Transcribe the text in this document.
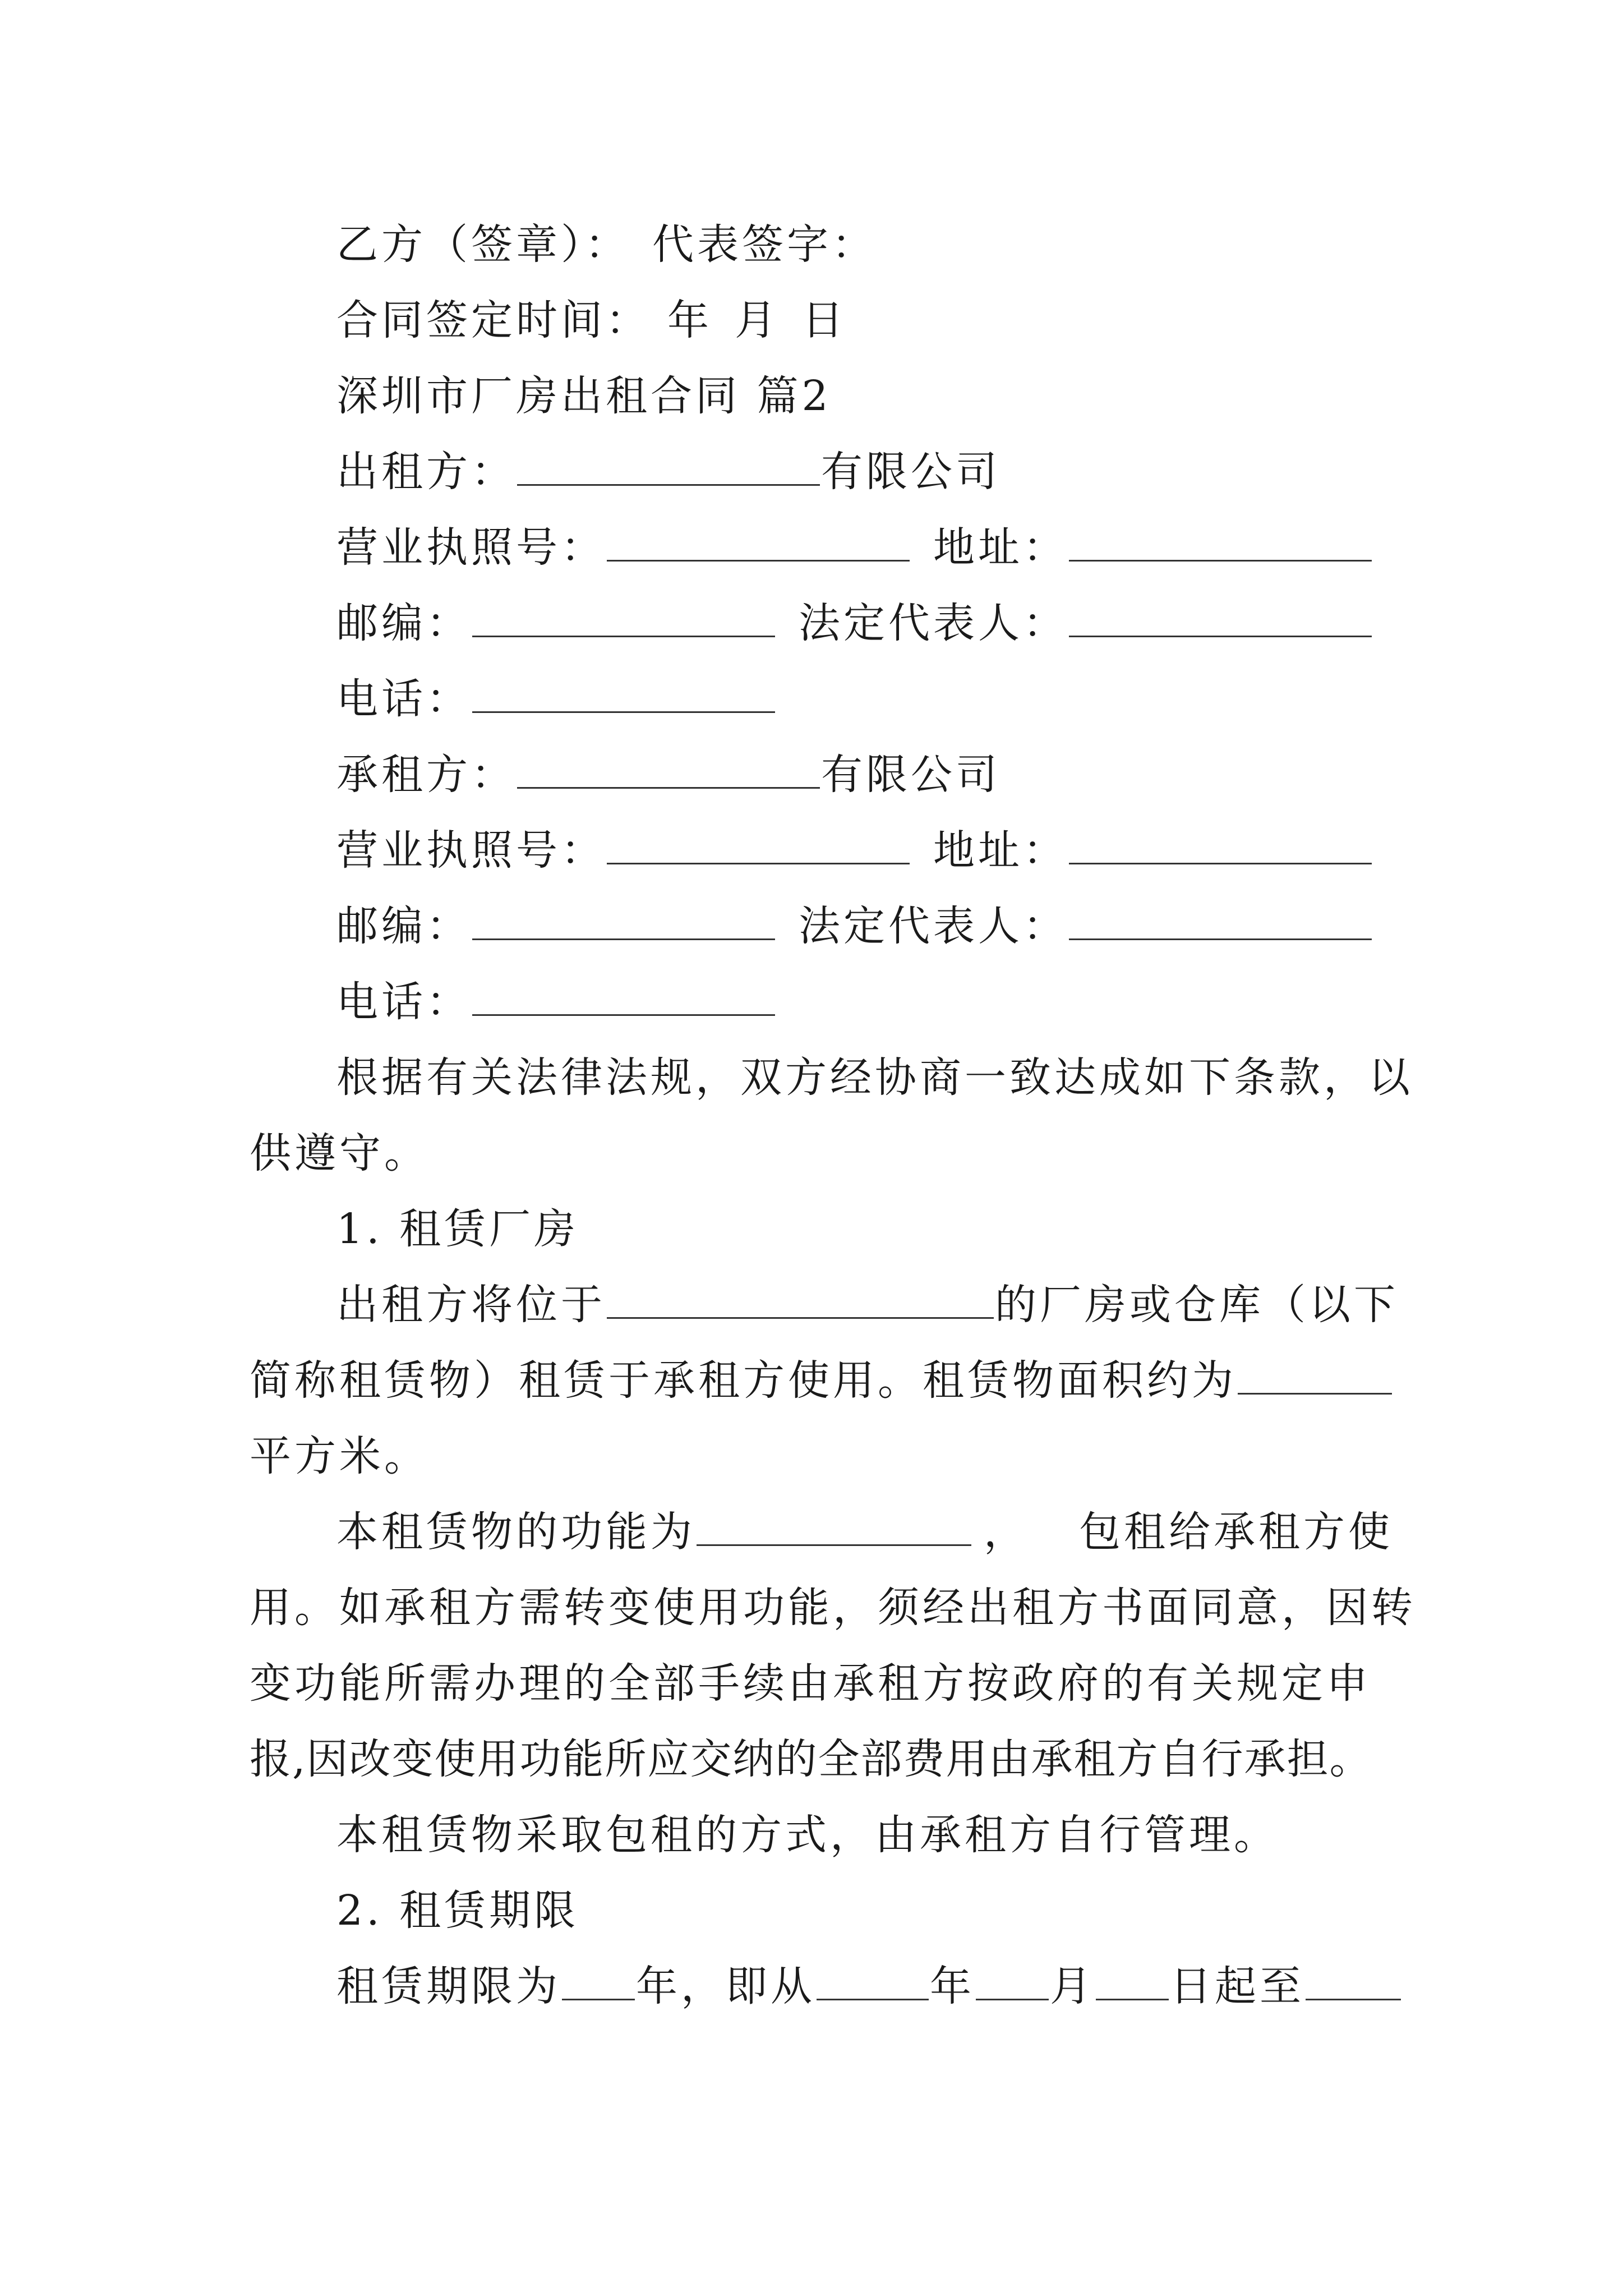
乙方（签章）： 代表签字：
合同签定时间： 年 月 日
深圳市厂房出租合同 篇2
出租方：	有限公司
营业执照号：	地址：
邮编：	法定代表人：
电话：
承租方：	有限公司
营业执照号：	地址：
邮编：	法定代表人：
电话：
根据有关法律法规，双方经协商一致达成如下条款，以
供遵守。
1. 租赁厂房
出租方将位于	的厂房或仓库（以下
简称租赁物）租赁于承租方使用。租赁物面积约为
平方米。
本租赁物的功能为	， 包租给承租方使
用。如承租方需转变使用功能，须经出租方书面同意，因转
变功能所需办理的全部手续由承租方按政府的有关规定申
报,因改变使用功能所应交纳的全部费用由承租方自行承担。
本租赁物采取包租的方式，由承租方自行管理。
2. 租赁期限
租赁期限为 年，即从	年 月 日起至
